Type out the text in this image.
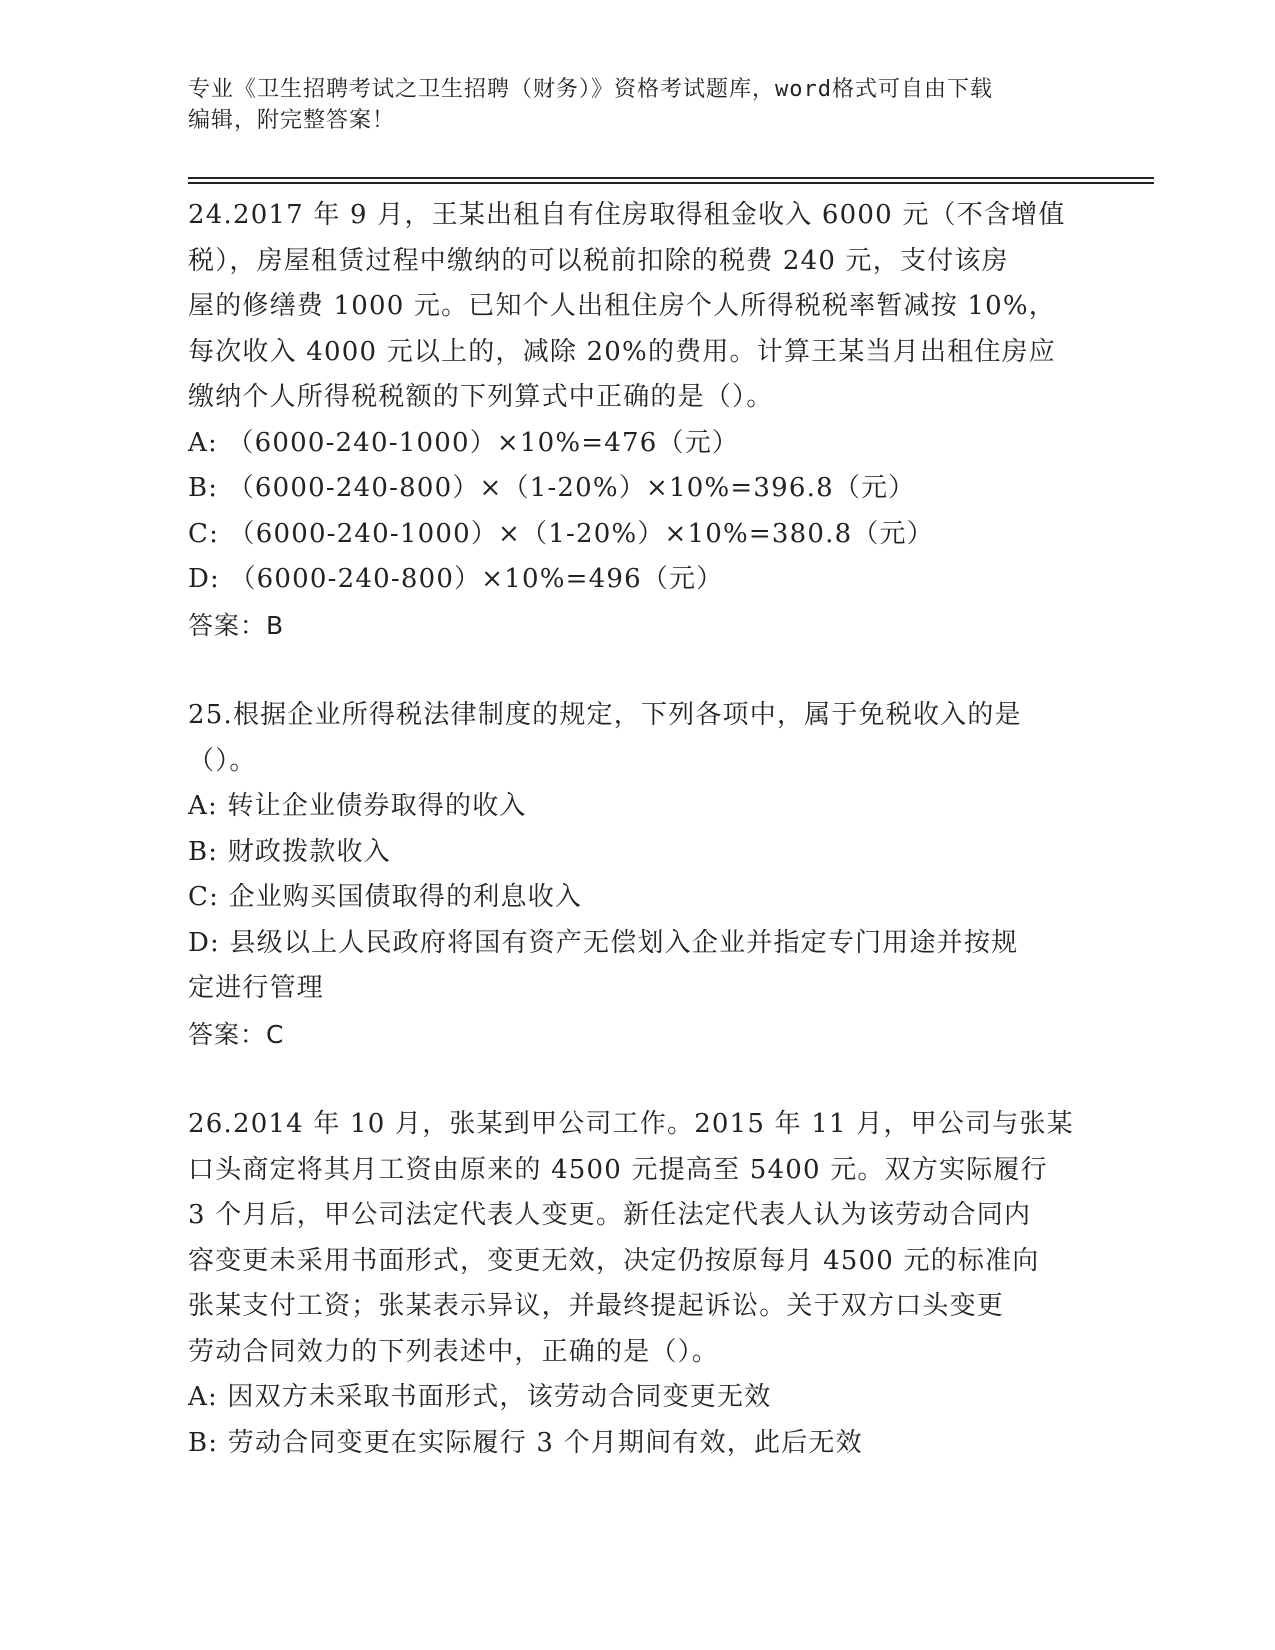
专业《卫生招聘考试之卫生招聘（财务）》资格考试题库，word格式可自由下载
编辑，附完整答案！

24.2017 年 9 月，王某出租自有住房取得租金收入 6000 元（不含增值

税），房屋租赁过程中缴纳的可以税前扣除的税费 240 元，支付该房

屋的修缮费 1000 元。已知个人出租住房个人所得税税率暂减按 10%，

每次收入 4000 元以上的，减除 20%的费用。计算王某当月出租住房应

缴纳个人所得税税额的下列算式中正确的是（）。

A: （6000-240-1000）×10%=476（元）

B: （6000-240-800）×（1-20%）×10%=396.8（元）

C: （6000-240-1000）×（1-20%）×10%=380.8（元）

D: （6000-240-800）×10%=496（元）

答案：B

25.根据企业所得税法律制度的规定，下列各项中，属于免税收入的是

（）。

A: 转让企业债券取得的收入

B: 财政拨款收入

C: 企业购买国债取得的利息收入

D: 县级以上人民政府将国有资产无偿划入企业并指定专门用途并按规

定进行管理

答案：C

26.2014 年 10 月，张某到甲公司工作。2015 年 11 月，甲公司与张某

口头商定将其月工资由原来的 4500 元提高至 5400 元。双方实际履行

3 个月后，甲公司法定代表人变更。新任法定代表人认为该劳动合同内

容变更未采用书面形式，变更无效，决定仍按原每月 4500 元的标准向

张某支付工资；张某表示异议，并最终提起诉讼。关于双方口头变更

劳动合同效力的下列表述中，正确的是（）。

A: 因双方未采取书面形式，该劳动合同变更无效

B: 劳动合同变更在实际履行 3 个月期间有效，此后无效
